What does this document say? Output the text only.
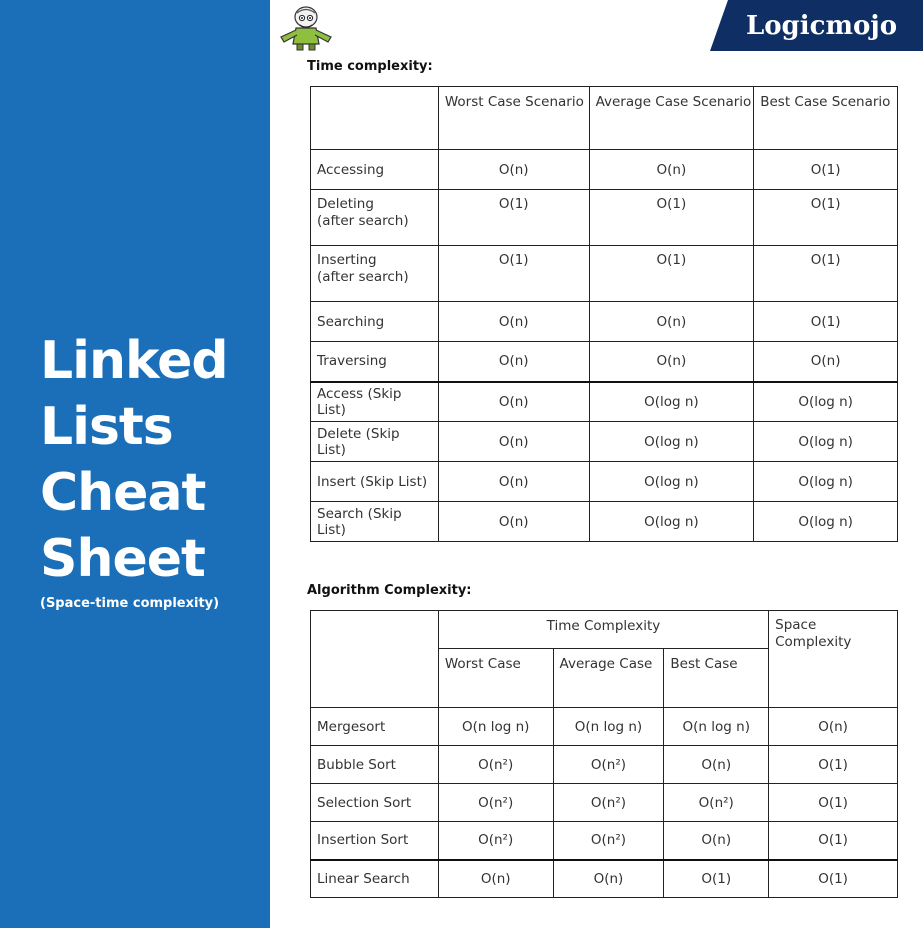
Linked
Lists
Cheat
Sheet
(Space-time complexity)
Logicmojo
Time complexity:
	Worst Case Scenario	Average Case Scenario	Best Case Scenario
Accessing	O(n)	O(n)	O(1)
Deleting
(after search)	O(1)	O(1)	O(1)
Inserting
(after search)	O(1)	O(1)	O(1)
Searching	O(n)	O(n)	O(1)
Traversing	O(n)	O(n)	O(n)
Access (Skip List)	O(n)	O(log n)	O(log n)
Delete (Skip List)	O(n)	O(log n)	O(log n)
Insert (Skip List)	O(n)	O(log n)	O(log n)
Search (Skip List)	O(n)	O(log n)	O(log n)
Algorithm Complexity:
	Time Complexity			Space
Complexity
	Worst Case	Average Case	Best Case	
Mergesort	O(n log n)	O(n log n)	O(n log n)	O(n)
Bubble Sort	O(n²)	O(n²)	O(n)	O(1)
Selection Sort	O(n²)	O(n²)	O(n²)	O(1)
Insertion Sort	O(n²)	O(n²)	O(n)	O(1)
Linear Search	O(n)	O(n)	O(1)	O(1)
